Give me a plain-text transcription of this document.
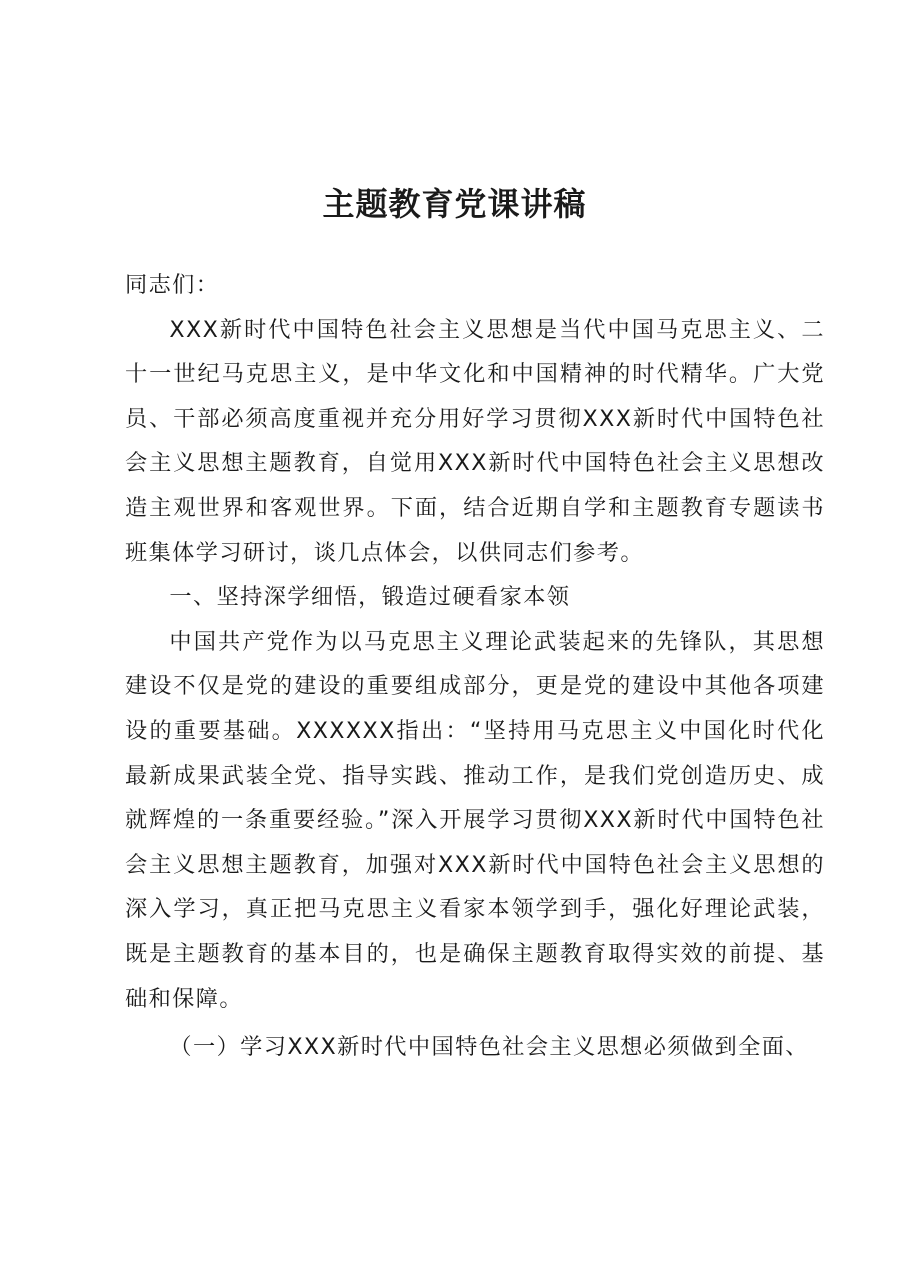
主题教育党课讲稿

同志们：

XXX新时代中国特色社会主义思想是当代中国马克思主义、二十一世纪马克思主义，是中华文化和中国精神的时代精华。广大党员、干部必须高度重视并充分用好学习贯彻XXX新时代中国特色社会主义思想主题教育，自觉用XXX新时代中国特色社会主义思想改造主观世界和客观世界。下面，结合近期自学和主题教育专题读书班集体学习研讨，谈几点体会，以供同志们参考。

一、坚持深学细悟，锻造过硬看家本领

中国共产党作为以马克思主义理论武装起来的先锋队，其思想建设不仅是党的建设的重要组成部分，更是党的建设中其他各项建设的重要基础。XXXXXX指出：“坚持用马克思主义中国化时代化最新成果武装全党、指导实践、推动工作，是我们党创造历史、成就辉煌的一条重要经验。”深入开展学习贯彻XXX新时代中国特色社会主义思想主题教育，加强对XXX新时代中国特色社会主义思想的深入学习，真正把马克思主义看家本领学到手，强化好理论武装，既是主题教育的基本目的，也是确保主题教育取得实效的前提、基础和保障。

（一）学习XXX新时代中国特色社会主义思想必须做到全面、
